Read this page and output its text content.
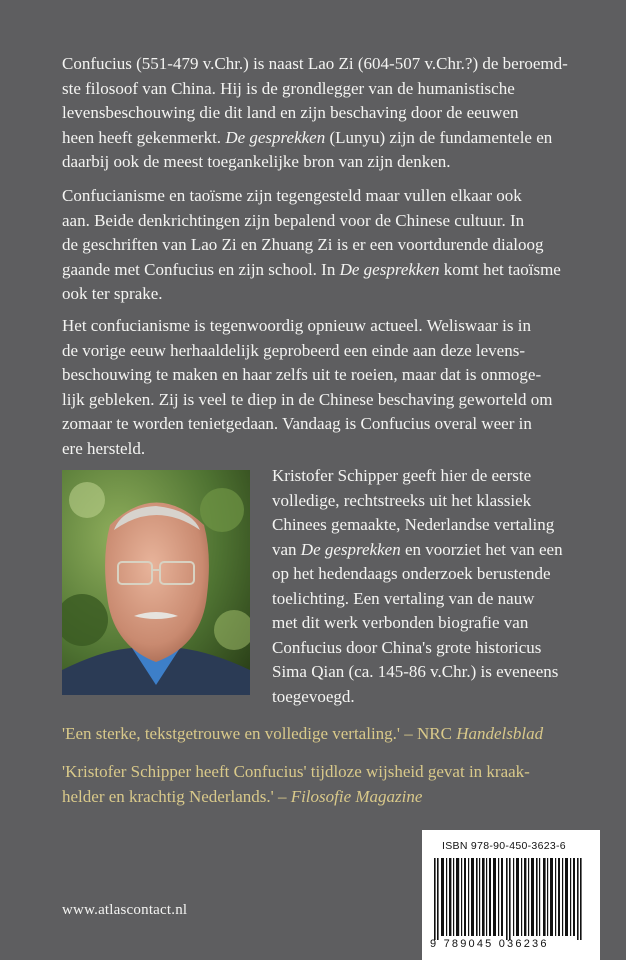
Confucius (551-479 v.Chr.) is naast Lao Zi (604-507 v.Chr.?) de beroemd-
ste filosoof van China. Hij is de grondlegger van de humanistische
levensbeschouwing die dit land en zijn beschaving door de eeuwen
heen heeft gekenmerkt. De gesprekken (Lunyu) zijn de fundamentele en
daarbij ook de meest toegankelijke bron van zijn denken.

Confucianisme en taoïsme zijn tegengesteld maar vullen elkaar ook
aan. Beide denkrichtingen zijn bepalend voor de Chinese cultuur. In
de geschriften van Lao Zi en Zhuang Zi is er een voortdurende dialoog
gaande met Confucius en zijn school. In De gesprekken komt het taoïsme
ook ter sprake.

Het confucianisme is tegenwoordig opnieuw actueel. Weliswaar is in
de vorige eeuw herhaaldelijk geprobeerd een einde aan deze levens-
beschouwing te maken en haar zelfs uit te roeien, maar dat is onmoge-
lijk gebleken. Zij is veel te diep in de Chinese beschaving geworteld om
zomaar te worden tenietgedaan. Vandaag is Confucius overal weer in
ere hersteld.

Kristofer Schipper geeft hier de eerste
volledige, rechtstreeks uit het klassiek
Chinees gemaakte, Nederlandse vertaling
van De gesprekken en voorziet het van een
op het hedendaags onderzoek berustende
toelichting. Een vertaling van de nauw
met dit werk verbonden biografie van
Confucius door China's grote historicus
Sima Qian (ca. 145-86 v.Chr.) is eveneens
toegevoegd.

'Een sterke, tekstgetrouwe en volledige vertaling.' – NRC Handelsblad

'Kristofer Schipper heeft Confucius' tijdloze wijsheid gevat in kraak-
helder en krachtig Nederlands.' – Filosofie Magazine

www.atlascontact.nl
ISBN 978-90-450-3623-6
9 789045 036236
